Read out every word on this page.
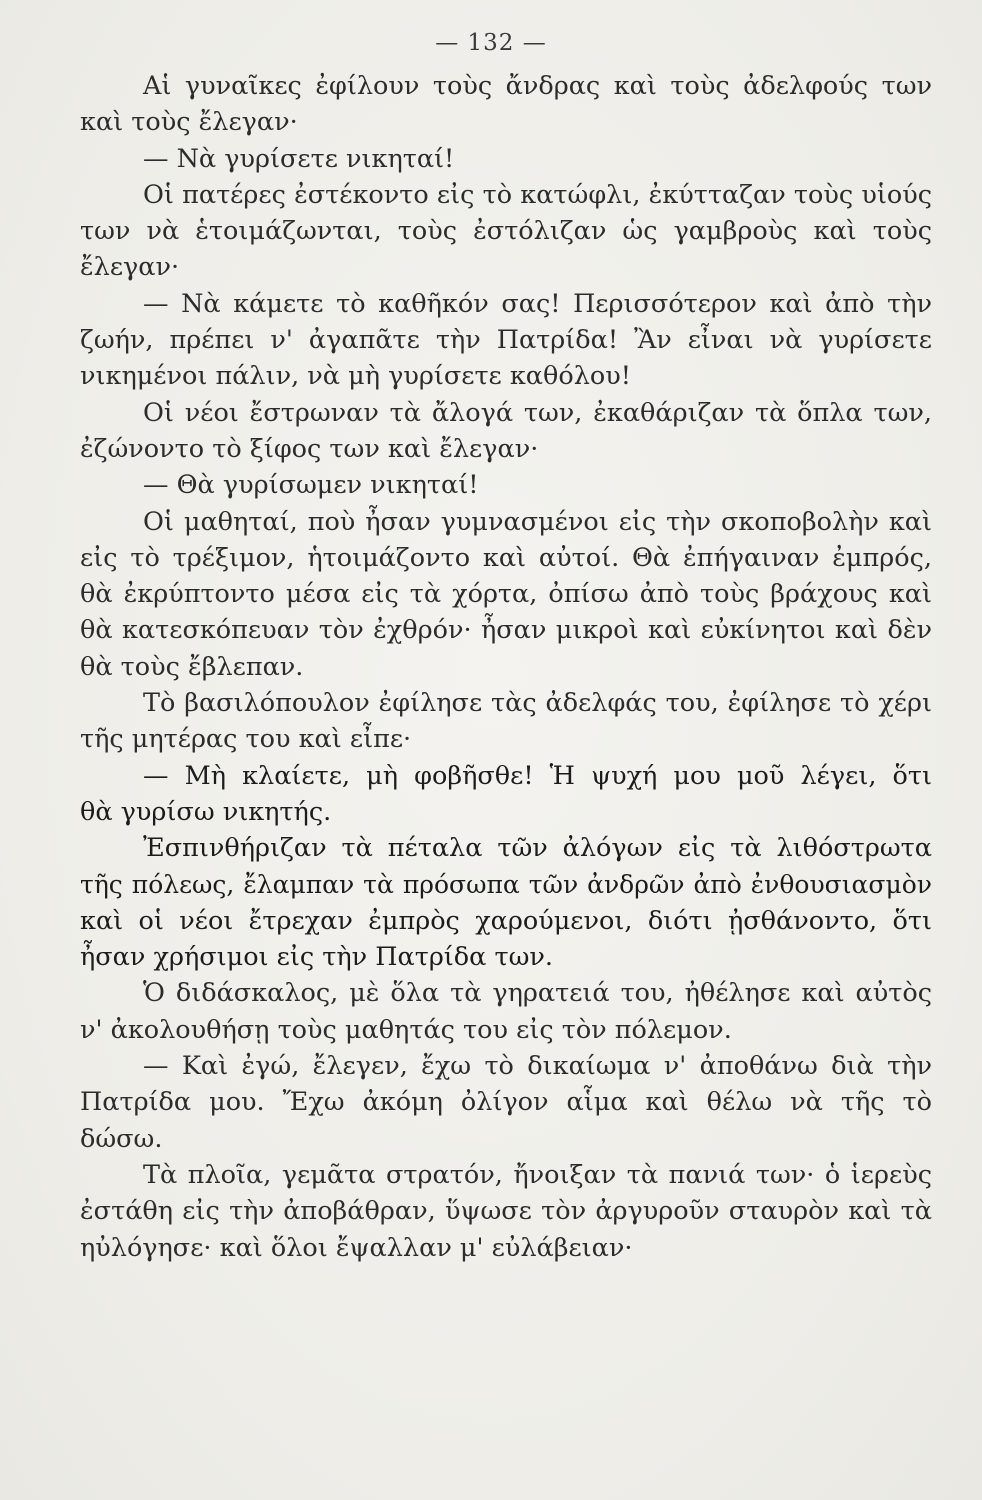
— 132 —
Αἱ γυναῖκες ἐφίλουν τοὺς ἄνδρας καὶ τοὺς ἀδελφούς των
καὶ τοὺς ἔλεγαν·
— Νὰ γυρίσετε νικηταί!
Οἱ πατέρες ἐστέκοντο εἰς τὸ κατώφλι, ἐκύτταζαν τοὺς υἱούς
των νὰ ἑτοιμάζωνται, τοὺς ἐστόλιζαν ὡς γαμβροὺς καὶ τοὺς
ἔλεγαν·
— Νὰ κάμετε τὸ καθῆκόν σας! Περισσότερον καὶ ἀπὸ τὴν
ζωήν, πρέπει ν' ἀγαπᾶτε τὴν Πατρίδα! Ἂν εἶναι νὰ γυρίσετε
νικημένοι πάλιν, νὰ μὴ γυρίσετε καθόλου!
Οἱ νέοι ἔστρωναν τὰ ἄλογά των, ἐκαθάριζαν τὰ ὅπλα των,
ἐζώνοντο τὸ ξίφος των καὶ ἔλεγαν·
— Θὰ γυρίσωμεν νικηταί!
Οἱ μαθηταί, ποὺ ἦσαν γυμνασμένοι εἰς τὴν σκοποβολὴν καὶ
εἰς τὸ τρέξιμον, ἡτοιμάζοντο καὶ αὐτοί. Θὰ ἐπήγαιναν ἐμπρός,
θὰ ἐκρύπτοντο μέσα εἰς τὰ χόρτα, ὀπίσω ἀπὸ τοὺς βράχους καὶ
θὰ κατεσκόπευαν τὸν ἐχθρόν· ἦσαν μικροὶ καὶ εὐκίνητοι καὶ δὲν
θὰ τοὺς ἔβλεπαν.
Τὸ βασιλόπουλον ἐφίλησε τὰς ἀδελφάς του, ἐφίλησε τὸ χέρι
τῆς μητέρας του καὶ εἶπε·
— Μὴ κλαίετε, μὴ φοβῆσθε! Ἡ ψυχή μου μοῦ λέγει, ὅτι
θὰ γυρίσω νικητής.
Ἐσπινθήριζαν τὰ πέταλα τῶν ἀλόγων εἰς τὰ λιθόστρωτα
τῆς πόλεως, ἔλαμπαν τὰ πρόσωπα τῶν ἀνδρῶν ἀπὸ ἐνθουσιασμὸν
καὶ οἱ νέοι ἔτρεχαν ἐμπρὸς χαρούμενοι, διότι ᾐσθάνοντο, ὅτι
ἦσαν χρήσιμοι εἰς τὴν Πατρίδα των.
Ὁ διδάσκαλος, μὲ ὅλα τὰ γηρατειά του, ἠθέλησε καὶ αὐτὸς
ν' ἀκολουθήσῃ τοὺς μαθητάς του εἰς τὸν πόλεμον.
— Καὶ ἐγώ, ἔλεγεν, ἔχω τὸ δικαίωμα ν' ἀποθάνω διὰ τὴν
Πατρίδα μου. Ἔχω ἀκόμη ὀλίγον αἷμα καὶ θέλω νὰ τῆς τὸ
δώσω.
Τὰ πλοῖα, γεμᾶτα στρατόν, ἤνοιξαν τὰ πανιά των· ὁ ἱερεὺς
ἐστάθη εἰς τὴν ἀποβάθραν, ὕψωσε τὸν ἀργυροῦν σταυρὸν καὶ τὰ
ηὐλόγησε· καὶ ὅλοι ἔψαλλαν μ' εὐλάβειαν·
